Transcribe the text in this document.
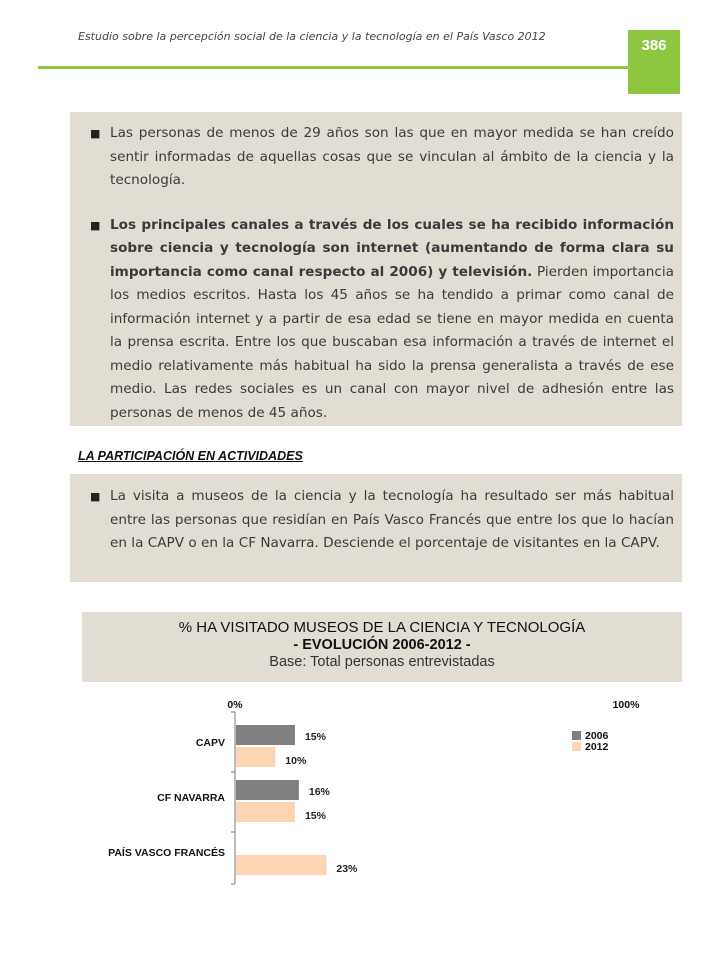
Estudio sobre la percepción social de la ciencia y la tecnología en el País Vasco 2012
386
■ Las personas de menos de 29 años son las que en mayor medida se han creído sentir informadas de aquellas cosas que se vinculan al ámbito de la ciencia y la tecnología.
■ Los principales canales a través de los cuales se ha recibido información sobre ciencia y tecnología son internet (aumentando de forma clara su importancia como canal respecto al 2006) y televisión. Pierden importancia los medios escritos. Hasta los 45 años se ha tendido a primar como canal de información internet y a partir de esa edad se tiene en mayor medida en cuenta la prensa escrita. Entre los que buscaban esa información a través de internet el medio relativamente más habitual ha sido la prensa generalista a través de ese medio. Las redes sociales es un canal con mayor nivel de adhesión entre las personas de menos de 45 años.
LA PARTICIPACIÓN EN ACTIVIDADES
■ La visita a museos de la ciencia y la tecnología ha resultado ser más habitual entre las personas que residían en País Vasco Francés que entre los que lo hacían en la CAPV o en la CF Navarra. Desciende el porcentaje de visitantes en la CAPV.
% HA VISITADO MUSEOS DE LA CIENCIA Y TECNOLOGÍA
- EVOLUCIÓN 2006-2012 -
Base: Total personas entrevistadas
0%	100%
CAPV
CF NAVARRA
PAÍS VASCO FRANCÉS
15%
16%
10%
15%
23%
2006
2012
